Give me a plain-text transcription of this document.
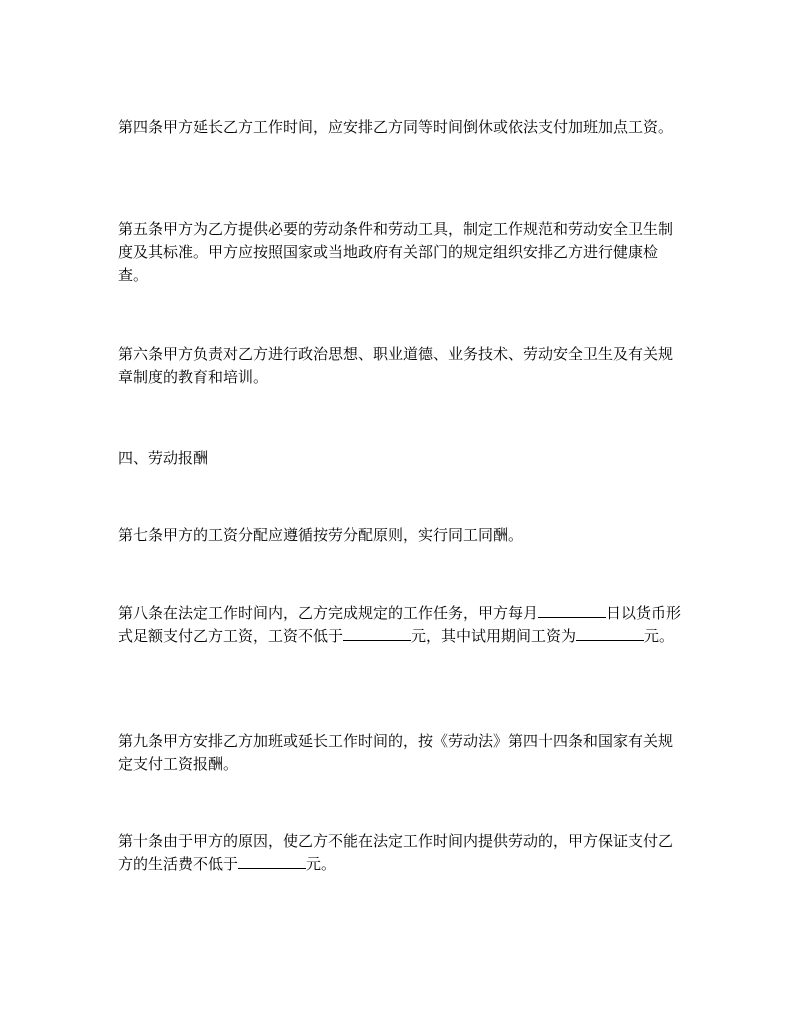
第四条甲方延长乙方工作时间，应安排乙方同等时间倒休或依法支付加班加点工资。

第五条甲方为乙方提供必要的劳动条件和劳动工具，制定工作规范和劳动安全卫生制度及其标准。甲方应按照国家或当地政府有关部门的规定组织安排乙方进行健康检查。

第六条甲方负责对乙方进行政治思想、职业道德、业务技术、劳动安全卫生及有关规章制度的教育和培训。

四、劳动报酬

第七条甲方的工资分配应遵循按劳分配原则，实行同工同酬。

第八条在法定工作时间内，乙方完成规定的工作任务，甲方每月	日以货币形式足额支付乙方工资，工资不低于	元，其中试用期间工资为	元。

第九条甲方安排乙方加班或延长工作时间的，按《劳动法》第四十四条和国家有关规定支付工资报酬。

第十条由于甲方的原因，使乙方不能在法定工作时间内提供劳动的，甲方保证支付乙方的生活费不低于	元。
